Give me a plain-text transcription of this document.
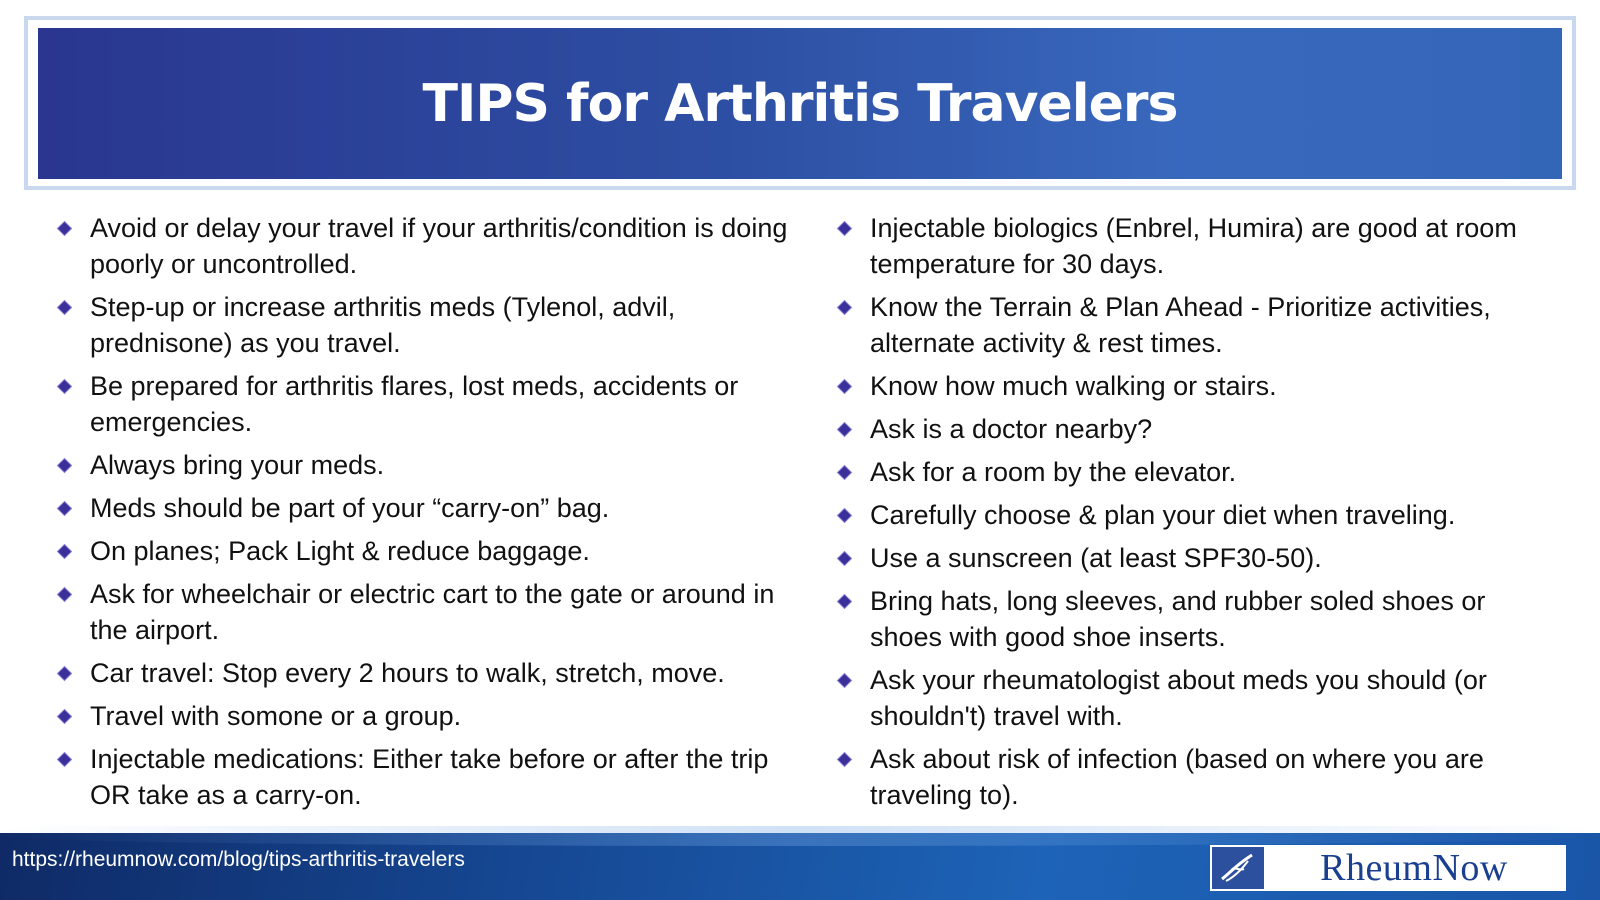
TIPS for Arthritis Travelers
Avoid or delay your travel if your arthritis/condition is doing poorly or uncontrolled.
Step-up or increase arthritis meds (Tylenol, advil, prednisone) as you travel.
Be prepared for arthritis flares, lost meds, accidents or emergencies.
Always bring your meds.
Meds should be part of your “carry-on” bag.
On planes; Pack Light & reduce baggage.
Ask for wheelchair or electric cart to the gate or around in the airport.
Car travel: Stop every 2 hours to walk, stretch, move.
Travel with somone or a group.
Injectable medications: Either take before or after the trip OR take as a carry-on.
Injectable biologics (Enbrel, Humira) are good at room temperature for 30 days.
Know the Terrain & Plan Ahead - Prioritize activities, alternate activity & rest times.
Know how much walking or stairs.
Ask is a doctor nearby?
Ask for a room by the elevator.
Carefully choose & plan your diet when traveling.
Use a sunscreen (at least SPF30-50).
Bring hats, long sleeves, and rubber soled shoes or shoes with good shoe inserts.
Ask your rheumatologist about meds you should (or shouldn't) travel with.
Ask about risk of infection (based on where you are traveling to).
https://rheumnow.com/blog/tips-arthritis-travelers	RheumNow
